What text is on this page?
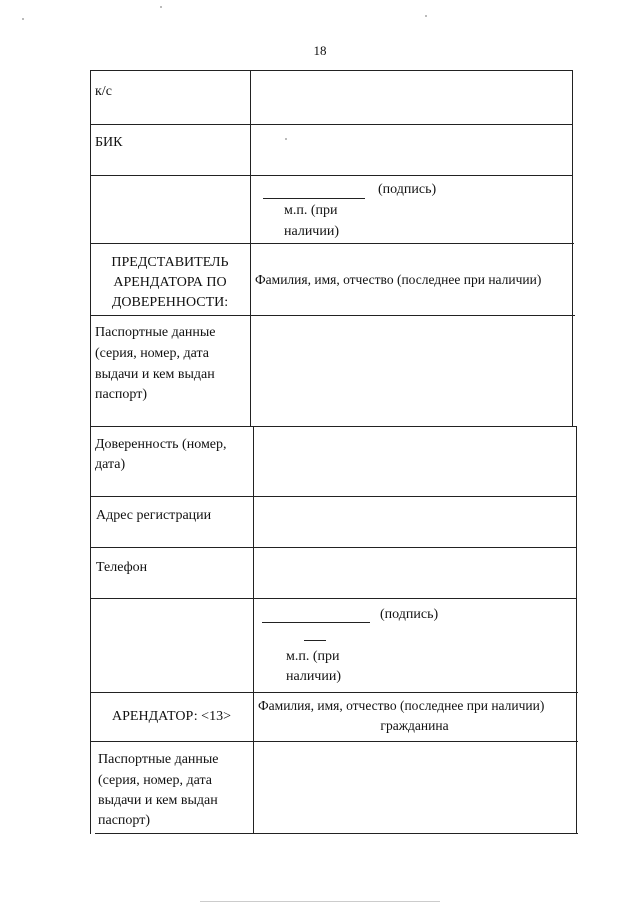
18
к/с
БИК
(подпись)
м.п. (при
наличии)
ПРЕДСТАВИТЕЛЬ
АРЕНДАТОРА ПО
ДОВЕРЕННОСТИ:
Фамилия, имя, отчество (последнее при наличии)
Паспортные данные
(серия, номер, дата
выдачи и кем выдан
паспорт)
Доверенность (номер,
дата)
Адрес регистрации
Телефон
(подпись)
м.п. (при
наличии)
АРЕНДАТОР: <13>
Фамилия, имя, отчество (последнее при наличии)
гражданина
Паспортные данные
(серия, номер, дата
выдачи и кем выдан
паспорт)
